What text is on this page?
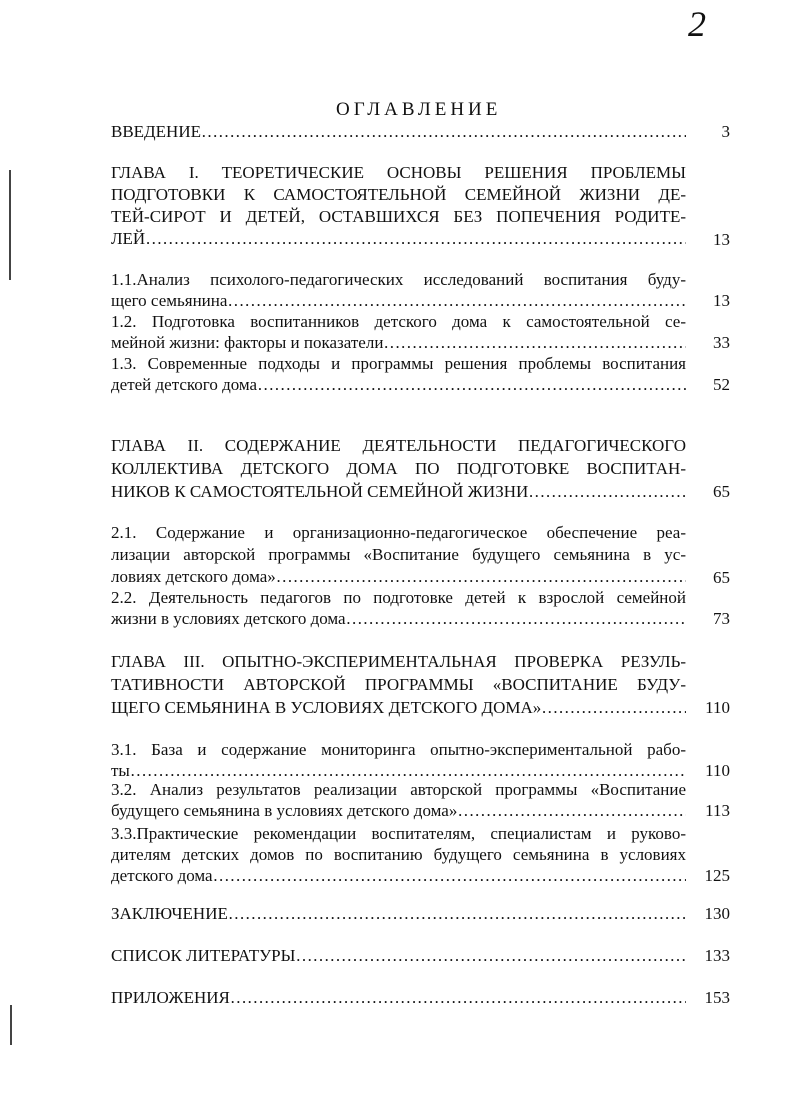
2
ОГЛАВЛЕНИЕ
ВВЕДЕНИЕ …………………………………………………………………………………………………………………………………………………………………………………………………………	3
ГЛАВА I. ТЕОРЕТИЧЕСКИЕ ОСНОВЫ РЕШЕНИЯ ПРОБЛЕМЫ
ПОДГОТОВКИ К САМОСТОЯТЕЛЬНОЙ СЕМЕЙНОЙ ЖИЗНИ ДЕ-
ТЕЙ-СИРОТ И ДЕТЕЙ, ОСТАВШИХСЯ БЕЗ ПОПЕЧЕНИЯ РОДИТЕ-
ЛЕЙ …………………………………………………………………………………………………………………………………………………………………………………………………………	13
1.1.Анализ психолого-педагогических исследований воспитания буду-
щего семьянина …………………………………………………………………………………………………………………………………………………………………………………………………………	13
1.2. Подготовка воспитанников детского дома к самостоятельной се-
мейной жизни: факторы и показатели …………………………………………………………………………………………………………………………………………………………………………………………………………	33
1.3. Современные подходы и программы решения проблемы воспитания
детей детского дома …………………………………………………………………………………………………………………………………………………………………………………………………………	52
ГЛАВА II. СОДЕРЖАНИЕ ДЕЯТЕЛЬНОСТИ ПЕДАГОГИЧЕСКОГО
КОЛЛЕКТИВА ДЕТСКОГО ДОМА ПО ПОДГОТОВКЕ ВОСПИТАН-
НИКОВ К САМОСТОЯТЕЛЬНОЙ СЕМЕЙНОЙ ЖИЗНИ …………………………………………………………………………………………………………………………………………………………………………………………………………	65
2.1. Содержание и организационно-педагогическое обеспечение реа-
лизации авторской программы «Воспитание будущего семьянина в ус-
ловиях детского дома» …………………………………………………………………………………………………………………………………………………………………………………………………………	65
2.2. Деятельность педагогов по подготовке детей к взрослой семейной
жизни в условиях детского дома …………………………………………………………………………………………………………………………………………………………………………………………………………	73
ГЛАВА III. ОПЫТНО-ЭКСПЕРИМЕНТАЛЬНАЯ ПРОВЕРКА РЕЗУЛЬ-
ТАТИВНОСТИ АВТОРСКОЙ ПРОГРАММЫ «ВОСПИТАНИЕ БУДУ-
ЩЕГО СЕМЬЯНИНА В УСЛОВИЯХ ДЕТСКОГО ДОМА» …………………………………………………………………………………………………………………………………………………………………………………………………………	110
3.1. База и содержание мониторинга опытно-экспериментальной рабо-
ты …………………………………………………………………………………………………………………………………………………………………………………………………………	110
3.2. Анализ результатов реализации авторской программы «Воспитание
будущего семьянина в условиях детского дома» …………………………………………………………………………………………………………………………………………………………………………………………………………	113
3.3.Практические рекомендации воспитателям, специалистам и руково-
дителям детских домов по воспитанию будущего семьянина в условиях
детского дома …………………………………………………………………………………………………………………………………………………………………………………………………………	125
ЗАКЛЮЧЕНИЕ …………………………………………………………………………………………………………………………………………………………………………………………………………	130
СПИСОК ЛИТЕРАТУРЫ …………………………………………………………………………………………………………………………………………………………………………………………………………	133
ПРИЛОЖЕНИЯ …………………………………………………………………………………………………………………………………………………………………………………………………………	153
